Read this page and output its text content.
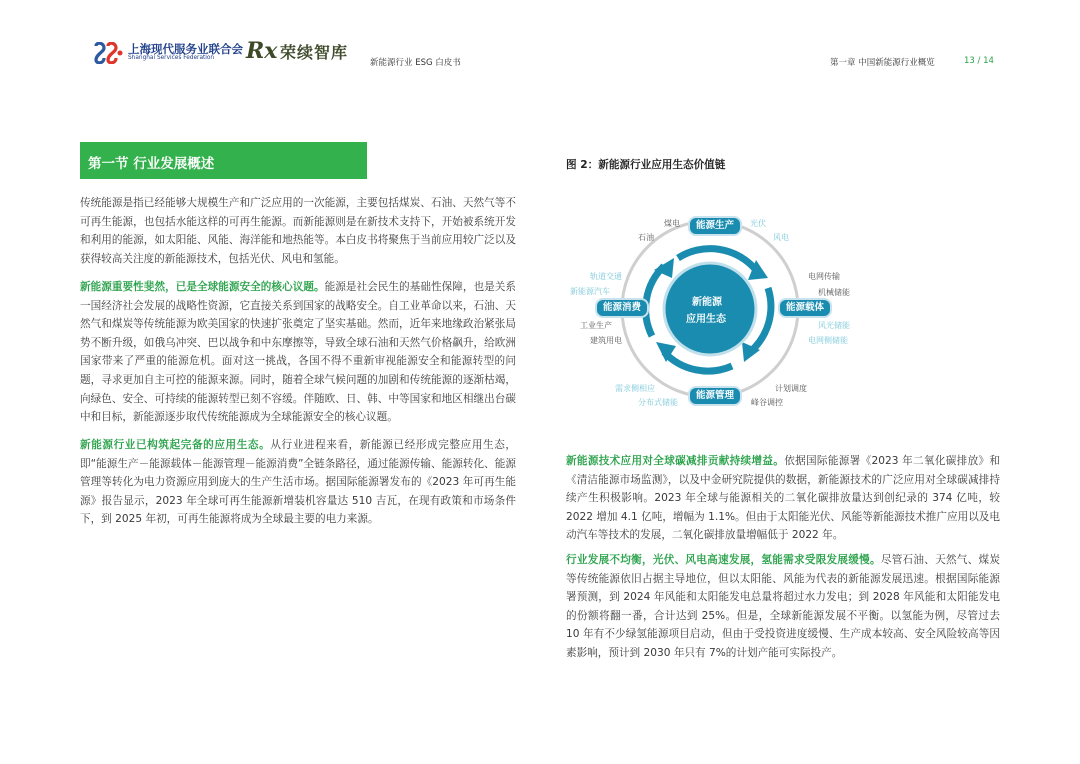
上海现代服务业联合会
Shanghai Services Federation Rx 荣续智库
新能源行业 ESG 白皮书	第一章 中国新能源行业概览	13 / 14
第一节 行业发展概述
传统能源是指已经能够大规模生产和广泛应用的一次能源，主要包括煤炭、石油、天然气等不可再生能源，也包括水能这样的可再生能源。而新能源则是在新技术支持下，开始被系统开发和利用的能源，如太阳能、风能、海洋能和地热能等。本白皮书将聚焦于当前应用较广泛以及获得较高关注度的新能源技术，包括光伏、风电和氢能。
新能源重要性斐然，已是全球能源安全的核心议题。能源是社会民生的基础性保障，也是关系一国经济社会发展的战略性资源，它直接关系到国家的战略安全。自工业革命以来，石油、天然气和煤炭等传统能源为欧美国家的快速扩张奠定了坚实基础。然而，近年来地缘政治紧张局势不断升级，如俄乌冲突、巴以战争和中东摩擦等，导致全球石油和天然气价格飙升，给欧洲国家带来了严重的能源危机。面对这一挑战，各国不得不重新审视能源安全和能源转型的问题，寻求更加自主可控的能源来源。同时，随着全球气候问题的加剧和传统能源的逐渐枯竭，向绿色、安全、可持续的能源转型已刻不容缓。伴随欧、日、韩、中等国家和地区相继出台碳中和目标，新能源逐步取代传统能源成为全球能源安全的核心议题。
新能源行业已构筑起完备的应用生态。从行业进程来看，新能源已经形成完整应用生态，即“能源生产－能源载体－能源管理－能源消费”全链条路径，通过能源传输、能源转化、能源管理等转化为电力资源应用到庞大的生产生活市场。据国际能源署发布的《2023 年可再生能源》报告显示，2023 年全球可再生能源新增装机容量达 510 吉瓦，在现有政策和市场条件下，到 2025 年初，可再生能源将成为全球最主要的电力来源。
图 2：新能源行业应用生态价值链
新能源
应用生态
能源生产
能源载体
能源管理
能源消费
煤电
石油
光伏
风电
电网传输
机械储能
风光储能
电网侧储能
计划调度
峰谷调控
需求侧相应
分布式储能
轨道交通
新能源汽车
工业生产
建筑用电
新能源技术应用对全球碳减排贡献持续增益。依据国际能源署《2023 年二氧化碳排放》和《清洁能源市场监测》，以及中金研究院提供的数据，新能源技术的广泛应用对全球碳减排持续产生积极影响。2023 年全球与能源相关的二氧化碳排放量达到创纪录的 374 亿吨，较 2022 增加 4.1 亿吨，增幅为 1.1%。但由于太阳能光伏、风能等新能源技术推广应用以及电动汽车等技术的发展，二氧化碳排放量增幅低于 2022 年。
行业发展不均衡，光伏、风电高速发展，氢能需求受限发展缓慢。尽管石油、天然气、煤炭等传统能源依旧占据主导地位，但以太阳能、风能为代表的新能源发展迅速。根据国际能源署预测，到 2024 年风能和太阳能发电总量将超过水力发电；到 2028 年风能和太阳能发电的份额将翻一番，合计达到 25%。但是，全球新能源发展不平衡。以氢能为例，尽管过去 10 年有不少绿氢能源项目启动，但由于受投资进度缓慢、生产成本较高、安全风险较高等因素影响，预计到 2030 年只有 7%的计划产能可实际投产。
